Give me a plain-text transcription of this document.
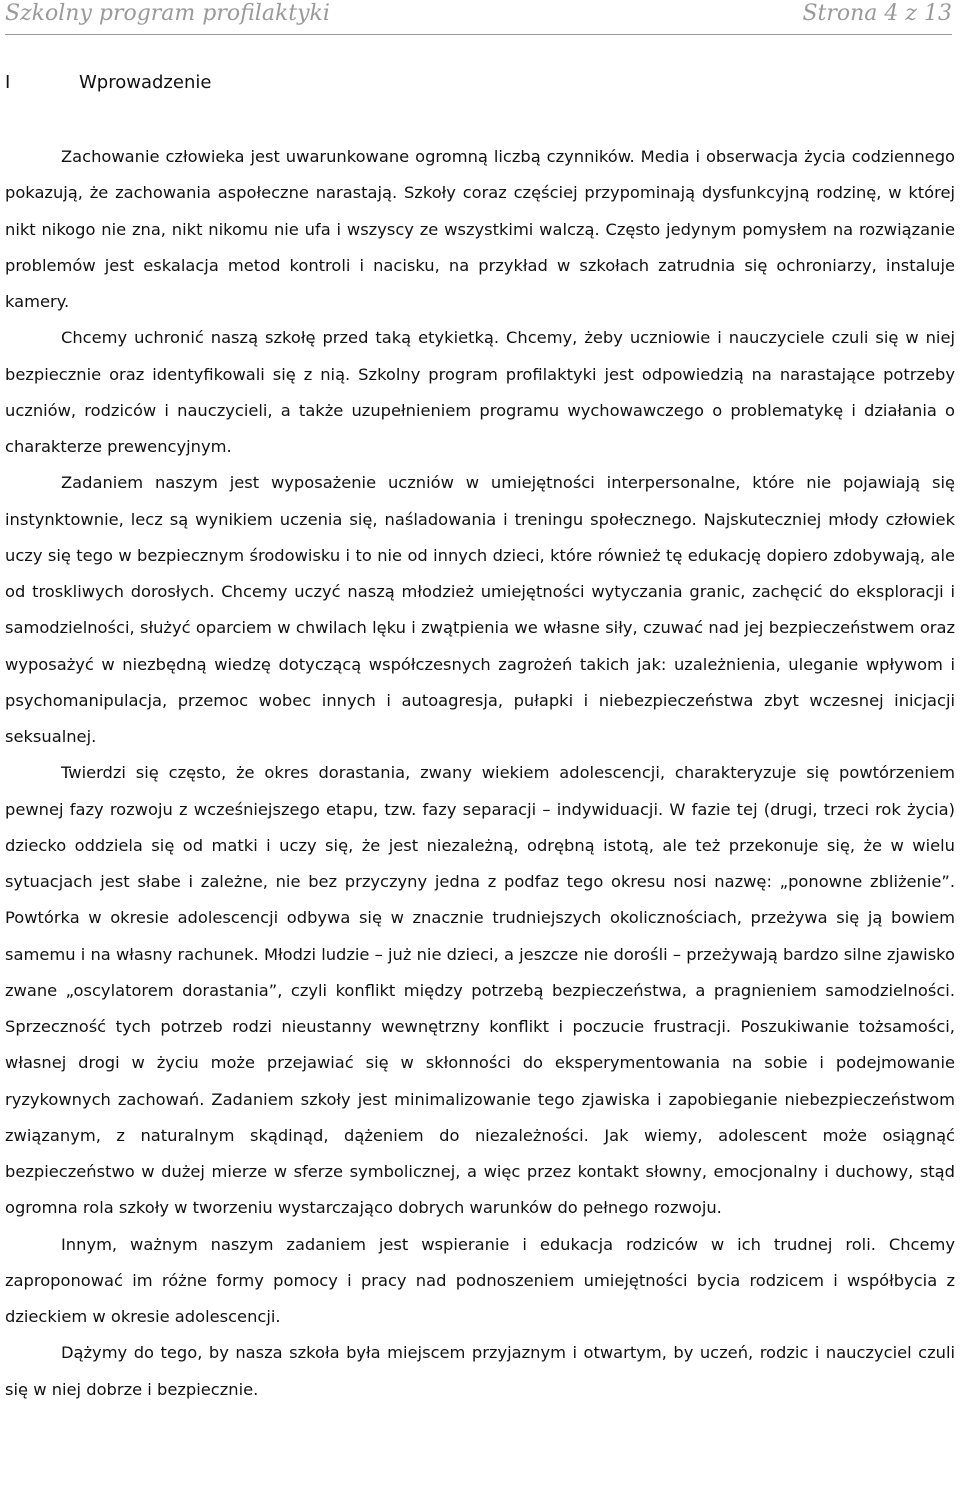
Szkolny program profilaktyki	Strona 4 z 13
I	Wprowadzenie

Zachowanie człowieka jest uwarunkowane ogromną liczbą czynników. Media i obserwacja życia codziennego pokazują, że zachowania aspołeczne narastają. Szkoły coraz częściej przypominają dysfunkcyjną rodzinę, w której nikt nikogo nie zna, nikt nikomu nie ufa i wszyscy ze wszystkimi walczą. Często jedynym pomysłem na rozwiązanie problemów jest eskalacja metod kontroli i nacisku, na przykład w szkołach zatrudnia się ochroniarzy, instaluje kamery.

Chcemy uchronić naszą szkołę przed taką etykietką. Chcemy, żeby uczniowie i nauczyciele czuli się w niej bezpiecznie oraz identyfikowali się z nią. Szkolny program profilaktyki jest odpowiedzią na narastające potrzeby uczniów, rodziców i nauczycieli, a także uzupełnieniem programu wychowawczego o problematykę i działania o charakterze prewencyjnym.

Zadaniem naszym jest wyposażenie uczniów w umiejętności interpersonalne, które nie pojawiają się instynktownie, lecz są wynikiem uczenia się, naśladowania i treningu społecznego. Najskuteczniej młody człowiek uczy się tego w bezpiecznym środowisku i to nie od innych dzieci, które również tę edukację dopiero zdobywają, ale od troskliwych dorosłych. Chcemy uczyć naszą młodzież umiejętności wytyczania granic, zachęcić do eksploracji i samodzielności, służyć oparciem w chwilach lęku i zwątpienia we własne siły, czuwać nad jej bezpieczeństwem oraz wyposażyć w niezbędną wiedzę dotyczącą współczesnych zagrożeń takich jak: uzależnienia, uleganie wpływom i psychomanipulacja, przemoc wobec innych i autoagresja, pułapki i niebezpieczeństwa zbyt wczesnej inicjacji seksualnej.

Twierdzi się często, że okres dorastania, zwany wiekiem adolescencji, charakteryzuje się powtórzeniem pewnej fazy rozwoju z wcześniejszego etapu, tzw. fazy separacji – indywiduacji. W fazie tej (drugi, trzeci rok życia) dziecko oddziela się od matki i uczy się, że jest niezależną, odrębną istotą, ale też przekonuje się, że w wielu sytuacjach jest słabe i zależne, nie bez przyczyny jedna z podfaz tego okresu nosi nazwę: „ponowne zbliżenie”. Powtórka w okresie adolescencji odbywa się w znacznie trudniejszych okolicznościach, przeżywa się ją bowiem samemu i na własny rachunek. Młodzi ludzie – już nie dzieci, a jeszcze nie dorośli – przeżywają bardzo silne zjawisko zwane „oscylatorem dorastania”, czyli konflikt między potrzebą bezpieczeństwa, a pragnieniem samodzielności. Sprzeczność tych potrzeb rodzi nieustanny wewnętrzny konflikt i poczucie frustracji. Poszukiwanie tożsamości, własnej drogi w życiu może przejawiać się w skłonności do eksperymentowania na sobie i podejmowanie ryzykownych zachowań. Zadaniem szkoły jest minimalizowanie tego zjawiska i zapobieganie niebezpieczeństwom związanym, z naturalnym skądinąd, dążeniem do niezależności. Jak wiemy, adolescent może osiągnąć bezpieczeństwo w dużej mierze w sferze symbolicznej, a więc przez kontakt słowny, emocjonalny i duchowy, stąd ogromna rola szkoły w tworzeniu wystarczająco dobrych warunków do pełnego rozwoju.

Innym, ważnym naszym zadaniem jest wspieranie i edukacja rodziców w ich trudnej roli. Chcemy zaproponować im różne formy pomocy i pracy nad podnoszeniem umiejętności bycia rodzicem i współbycia z dzieckiem w okresie adolescencji.

Dążymy do tego, by nasza szkoła była miejscem przyjaznym i otwartym, by uczeń, rodzic i nauczyciel czuli się w niej dobrze i bezpiecznie.
